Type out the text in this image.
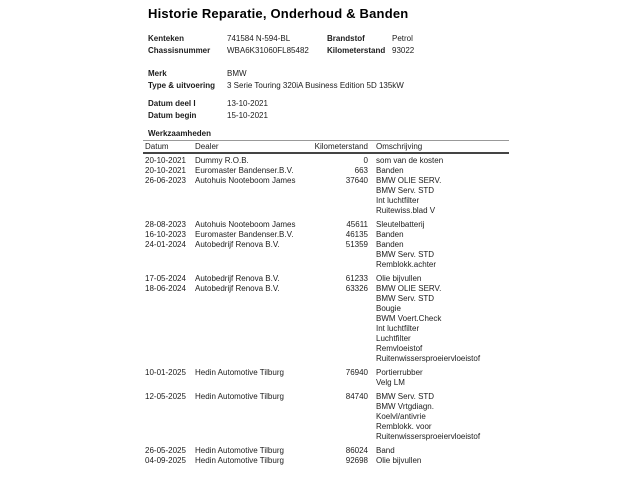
Historie Reparatie, Onderhoud & Banden
Kenteken	741584 N-594-BL	Brandstof	Petrol
Chassisnummer	WBA6K31060FL85482	Kilometerstand 93022
Merk	BMW
Type & uitvoering	3 Serie Touring 320iA Business Edition 5D 135kW
Datum deel I	13-10-2021
Datum begin	15-10-2021
Werkzaamheden
Datum	Dealer	Kilometerstand	Omschrijving
20-10-2021	Dummy R.O.B.	0 som van de kosten
20-10-2021	Euromaster Bandenser.B.V.	663 Banden
26-06-2023	Autohuis Nooteboom James	37640 BMW OLIE SERV.
BMW Serv. STD
Int luchtfilter
Ruitewiss.blad V
28-08-2023	Autohuis Nooteboom James	45611 Sleutelbatterij
16-10-2023	Euromaster Bandenser.B.V.	46135 Banden
24-01-2024	Autobedrijf Renova B.V.	51359 Banden
BMW Serv. STD
Remblokk.achter
17-05-2024	Autobedrijf Renova B.V.	61233 Olie bijvullen
18-06-2024	Autobedrijf Renova B.V.	63326 BMW OLIE SERV.
BMW Serv. STD
Bougie
BWM Voert.Check
Int luchtfilter
Luchtfilter
Remvloeistof
Ruitenwissersproeiervloeistof
10-01-2025	Hedin Automotive Tilburg	76940 Portierrubber
Velg LM
12-05-2025	Hedin Automotive Tilburg	84740 BMW Serv. STD
BMW Vrtgdiagn.
Koelvl/antivrie
Remblokk. voor
Ruitenwissersproeiervloeistof
26-05-2025	Hedin Automotive Tilburg	86024 Band
04-09-2025	Hedin Automotive Tilburg	92698 Olie bijvullen
